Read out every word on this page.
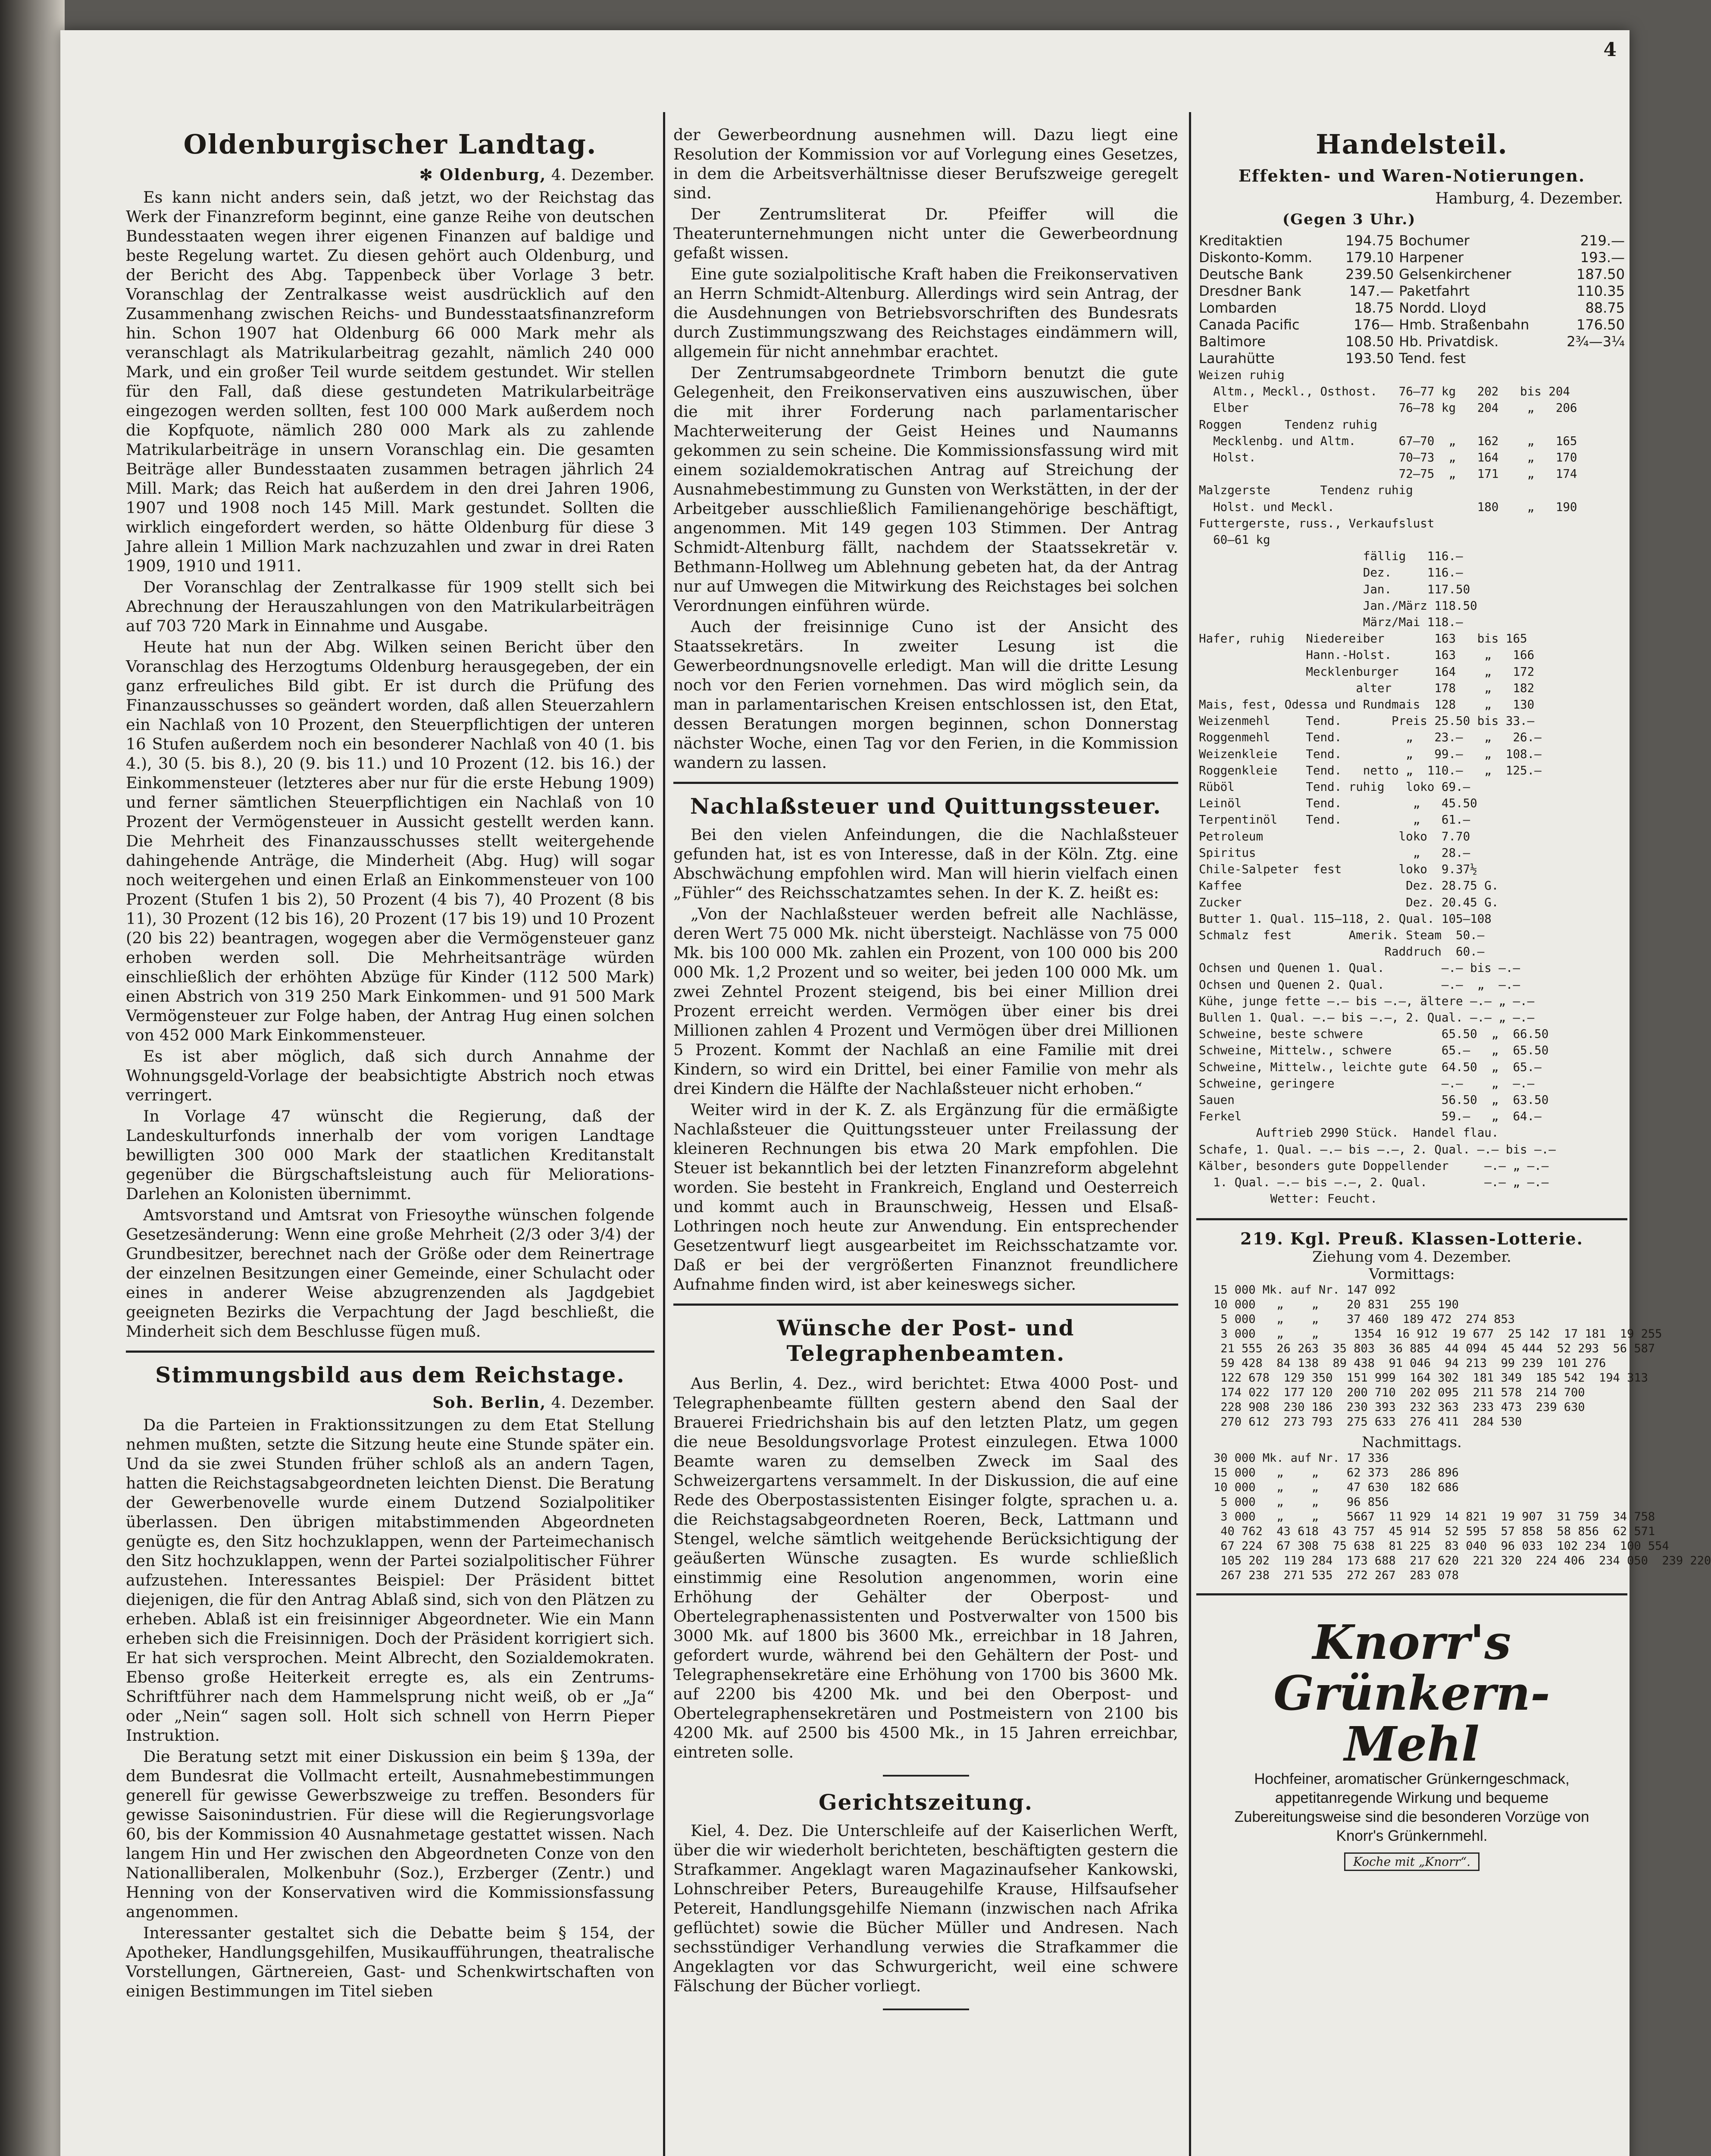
4
Oldenburgischer Landtag.
✻ Oldenburg, 4. Dezember.

Es kann nicht anders sein, daß jetzt, wo der Reichstag das Werk der Finanzreform beginnt, eine ganze Reihe von deutschen Bundesstaaten wegen ihrer eigenen Finanzen auf baldige und beste Regelung wartet. Zu diesen gehört auch Oldenburg, und der Bericht des Abg. Tappenbeck über Vorlage 3 betr. Voranschlag der Zentralkasse weist ausdrücklich auf den Zusammenhang zwischen Reichs- und Bundesstaatsfinanzreform hin. Schon 1907 hat Oldenburg 66 000 Mark mehr als veranschlagt als Matrikularbeitrag gezahlt, nämlich 240 000 Mark, und ein großer Teil wurde seitdem gestundet. Wir stellen für den Fall, daß diese gestundeten Matrikularbeiträge eingezogen werden sollten, fest 100 000 Mark außerdem noch die Kopfquote, nämlich 280 000 Mark als zu zahlende Matrikularbeiträge in unsern Voranschlag ein. Die gesamten Beiträge aller Bundesstaaten zusammen betragen jährlich 24 Mill. Mark; das Reich hat außerdem in den drei Jahren 1906, 1907 und 1908 noch 145 Mill. Mark gestundet. Sollten die wirklich eingefordert werden, so hätte Oldenburg für diese 3 Jahre allein 1 Million Mark nachzuzahlen und zwar in drei Raten 1909, 1910 und 1911.

Der Voranschlag der Zentralkasse für 1909 stellt sich bei Abrechnung der Herauszahlungen von den Matrikularbeiträgen auf 703 720 Mark in Einnahme und Ausgabe.

Heute hat nun der Abg. Wilken seinen Bericht über den Voranschlag des Herzogtums Oldenburg herausgegeben, der ein ganz erfreuliches Bild gibt. Er ist durch die Prüfung des Finanzausschusses so geändert worden, daß allen Steuerzahlern ein Nachlaß von 10 Prozent, den Steuerpflichtigen der unteren 16 Stufen außerdem noch ein besonderer Nachlaß von 40 (1. bis 4.), 30 (5. bis 8.), 20 (9. bis 11.) und 10 Prozent (12. bis 16.) der Einkommensteuer (letzteres aber nur für die erste Hebung 1909) und ferner sämtlichen Steuerpflichtigen ein Nachlaß von 10 Prozent der Vermögensteuer in Aussicht gestellt werden kann. Die Mehrheit des Finanzausschusses stellt weitergehende dahingehende Anträge, die Minderheit (Abg. Hug) will sogar noch weitergehen und einen Erlaß an Einkommensteuer von 100 Prozent (Stufen 1 bis 2), 50 Prozent (4 bis 7), 40 Prozent (8 bis 11), 30 Prozent (12 bis 16), 20 Prozent (17 bis 19) und 10 Prozent (20 bis 22) beantragen, wogegen aber die Vermögensteuer ganz erhoben werden soll. Die Mehrheitsanträge würden einschließlich der erhöhten Abzüge für Kinder (112 500 Mark) einen Abstrich von 319 250 Mark Einkommen- und 91 500 Mark Vermögensteuer zur Folge haben, der Antrag Hug einen solchen von 452 000 Mark Einkommensteuer.

Es ist aber möglich, daß sich durch Annahme der Wohnungsgeld-Vorlage der beabsichtigte Abstrich noch etwas verringert.

In Vorlage 47 wünscht die Regierung, daß der Landeskulturfonds innerhalb der vom vorigen Landtage bewilligten 300 000 Mark der staatlichen Kreditanstalt gegenüber die Bürgschaftsleistung auch für Meliorations-Darlehen an Kolonisten übernimmt.

Amtsvorstand und Amtsrat von Friesoythe wünschen folgende Gesetzesänderung: Wenn eine große Mehrheit (2/3 oder 3/4) der Grundbesitzer, berechnet nach der Größe oder dem Reinertrage der einzelnen Besitzungen einer Gemeinde, einer Schulacht oder eines in anderer Weise abzugrenzenden als Jagdgebiet geeigneten Bezirks die Verpachtung der Jagd beschließt, die Minderheit sich dem Beschlusse fügen muß.

Stimmungsbild aus dem Reichstage.
Soh. Berlin, 4. Dezember.

Da die Parteien in Fraktionssitzungen zu dem Etat Stellung nehmen mußten, setzte die Sitzung heute eine Stunde später ein. Und da sie zwei Stunden früher schloß als an andern Tagen, hatten die Reichstagsabgeordneten leichten Dienst. Die Beratung der Gewerbenovelle wurde einem Dutzend Sozialpolitiker überlassen. Den übrigen mitabstimmenden Abgeordneten genügte es, den Sitz hochzuklappen, wenn der Parteimechanisch den Sitz hochzuklappen, wenn der Partei sozialpolitischer Führer aufzustehen. Interessantes Beispiel: Der Präsident bittet diejenigen, die für den Antrag Ablaß sind, sich von den Plätzen zu erheben. Ablaß ist ein freisinniger Abgeordneter. Wie ein Mann erheben sich die Freisinnigen. Doch der Präsident korrigiert sich. Er hat sich versprochen. Meint Albrecht, den Sozialdemokraten. Ebenso große Heiterkeit erregte es, als ein Zentrums-Schriftführer nach dem Hammelsprung nicht weiß, ob er „Ja“ oder „Nein“ sagen soll. Holt sich schnell von Herrn Pieper Instruktion.

Die Beratung setzt mit einer Diskussion ein beim § 139a, der dem Bundesrat die Vollmacht erteilt, Ausnahmebestimmungen generell für gewisse Gewerbszweige zu treffen. Besonders für gewisse Saisonindustrien. Für diese will die Regierungsvorlage 60, bis der Kommission 40 Ausnahmetage gestattet wissen. Nach langem Hin und Her zwischen den Abgeordneten Conze von den Nationalliberalen, Molkenbuhr (Soz.), Erzberger (Zentr.) und Henning von der Konservativen wird die Kommissionsfassung angenommen.

Interessanter gestaltet sich die Debatte beim § 154, der Apotheker, Handlungsgehilfen, Musikaufführungen, theatralische Vorstellungen, Gärtnereien, Gast- und Schenkwirtschaften von einigen Bestimmungen im Titel sieben

der Gewerbeordnung ausnehmen will. Dazu liegt eine Resolution der Kommission vor auf Vorlegung eines Gesetzes, in dem die Arbeitsverhältnisse dieser Berufszweige geregelt sind.

Der Zentrumsliterat Dr. Pfeiffer will die Theaterunternehmungen nicht unter die Gewerbeordnung gefaßt wissen.

Eine gute sozialpolitische Kraft haben die Freikonservativen an Herrn Schmidt-Altenburg. Allerdings wird sein Antrag, der die Ausdehnungen von Betriebsvorschriften des Bundesrats durch Zustimmungszwang des Reichstages eindämmern will, allgemein für nicht annehmbar erachtet.

Der Zentrumsabgeordnete Trimborn benutzt die gute Gelegenheit, den Freikonservativen eins auszuwischen, über die mit ihrer Forderung nach parlamentarischer Machterweiterung der Geist Heines und Naumanns gekommen zu sein scheine. Die Kommissionsfassung wird mit einem sozialdemokratischen Antrag auf Streichung der Ausnahmebestimmung zu Gunsten von Werkstätten, in der der Arbeitgeber ausschließlich Familienangehörige beschäftigt, angenommen. Mit 149 gegen 103 Stimmen. Der Antrag Schmidt-Altenburg fällt, nachdem der Staatssekretär v. Bethmann-Hollweg um Ablehnung gebeten hat, da der Antrag nur auf Umwegen die Mitwirkung des Reichstages bei solchen Verordnungen einführen würde.

Auch der freisinnige Cuno ist der Ansicht des Staatssekretärs. In zweiter Lesung ist die Gewerbeordnungsnovelle erledigt. Man will die dritte Lesung noch vor den Ferien vornehmen. Das wird möglich sein, da man in parlamentarischen Kreisen entschlossen ist, den Etat, dessen Beratungen morgen beginnen, schon Donnerstag nächster Woche, einen Tag vor den Ferien, in die Kommission wandern zu lassen.

Nachlaßsteuer und Quittungssteuer.

Bei den vielen Anfeindungen, die die Nachlaßsteuer gefunden hat, ist es von Interesse, daß in der Köln. Ztg. eine Abschwächung empfohlen wird. Man will hierin vielfach einen „Fühler“ des Reichsschatzamtes sehen. In der K. Z. heißt es:

„Von der Nachlaßsteuer werden befreit alle Nachlässe, deren Wert 75 000 Mk. nicht übersteigt. Nachlässe von 75 000 Mk. bis 100 000 Mk. zahlen ein Prozent, von 100 000 bis 200 000 Mk. 1,2 Prozent und so weiter, bei jeden 100 000 Mk. um zwei Zehntel Prozent steigend, bis bei einer Million drei Prozent erreicht werden. Vermögen über einer bis drei Millionen zahlen 4 Prozent und Vermögen über drei Millionen 5 Prozent. Kommt der Nachlaß an eine Familie mit drei Kindern, so wird ein Drittel, bei einer Familie von mehr als drei Kindern die Hälfte der Nachlaßsteuer nicht erhoben.“

Weiter wird in der K. Z. als Ergänzung für die ermäßigte Nachlaßsteuer die Quittungssteuer unter Freilassung der kleineren Rechnungen bis etwa 20 Mark empfohlen. Die Steuer ist bekanntlich bei der letzten Finanzreform abgelehnt worden. Sie besteht in Frankreich, England und Oesterreich und kommt auch in Braunschweig, Hessen und Elsaß-Lothringen noch heute zur Anwendung. Ein entsprechender Gesetzentwurf liegt ausgearbeitet im Reichsschatzamte vor. Daß er bei der vergrößerten Finanznot freundlichere Aufnahme finden wird, ist aber keineswegs sicher.

Wünsche der Post- und
Telegraphenbeamten.

Aus Berlin, 4. Dez., wird berichtet: Etwa 4000 Post- und Telegraphenbeamte füllten gestern abend den Saal der Brauerei Friedrichshain bis auf den letzten Platz, um gegen die neue Besoldungsvorlage Protest einzulegen. Etwa 1000 Beamte waren zu demselben Zweck im Saal des Schweizergartens versammelt. In der Diskussion, die auf eine Rede des Oberpostassistenten Eisinger folgte, sprachen u. a. die Reichstagsabgeordneten Roeren, Beck, Lattmann und Stengel, welche sämtlich weitgehende Berücksichtigung der geäußerten Wünsche zusagten. Es wurde schließlich einstimmig eine Resolution angenommen, worin eine Erhöhung der Gehälter der Oberpost- und Obertelegraphenassistenten und Postverwalter von 1500 bis 3000 Mk. auf 1800 bis 3600 Mk., erreichbar in 18 Jahren, gefordert wurde, während bei den Gehältern der Post- und Telegraphensekretäre eine Erhöhung von 1700 bis 3600 Mk. auf 2200 bis 4200 Mk. und bei den Oberpost- und Obertelegraphensekretären und Postmeistern von 2100 bis 4200 Mk. auf 2500 bis 4500 Mk., in 15 Jahren erreichbar, eintreten solle.

Gerichtszeitung.

Kiel, 4. Dez. Die Unterschleife auf der Kaiserlichen Werft, über die wir wiederholt berichteten, beschäftigten gestern die Strafkammer. Angeklagt waren Magazinaufseher Kankowski, Lohnschreiber Peters, Bureaugehilfe Krause, Hilfsaufseher Petereit, Handlungsgehilfe Niemann (inzwischen nach Afrika geflüchtet) sowie die Bücher Müller und Andresen. Nach sechsstündiger Verhandlung verwies die Strafkammer die Angeklagten vor das Schwurgericht, weil eine schwere Fälschung der Bücher vorliegt.

Handelsteil.
Effekten- und Waren-Notierungen.
Hamburg, 4. Dezember.
(Gegen 3 Uhr.)
Kreditaktien	194.75	Bochumer	219.—
Diskonto-Komm.	179.10	Harpener	193.—
Deutsche Bank	239.50	Gelsenkirchener	187.50
Dresdner Bank	147.—	Paketfahrt	110.35
Lombarden	18.75	Nordd. Lloyd	88.75
Canada Pacific	176—	Hmb. Straßenbahn	176.50
Baltimore	108.50	Hb. Privatdisk.	2¾—3¼
Laurahütte	193.50	Tend. fest	
Weizen ruhig
Altm., Meckl., Osthost.   76—77 kg   202   bis 204
Elber                     76—78 kg   204    „   206
Roggen      Tendenz ruhig
Mecklenbg. und Altm.      67—70  „   162    „   165
Holst.                    70—73  „   164    „   170
72—75  „   171    „   174
Malzgerste       Tendenz ruhig
Holst. und Meckl.                    180    „   190
Futtergerste, russ., Verkaufslust
60—61 kg
fällig   116.—
Dez.     116.—
Jan.     117.50
Jan./März 118.50
März/Mai 118.—
Hafer, ruhig   Niedereiber       163   bis 165
Hann.-Holst.      163    „   166
Mecklenburger     164    „   172
alter      178    „   182
Mais, fest, Odessa und Rundmais  128    „   130
Weizenmehl     Tend.       Preis 25.50 bis 33.—
Roggenmehl     Tend.         „   23.—   „   26.—
Weizenkleie    Tend.         „   99.—   „  108.—
Roggenkleie    Tend.   netto „  110.—   „  125.—
Rüböl          Tend. ruhig   loko 69.—
Leinöl         Tend.          „   45.50
Terpentinöl    Tend.          „   61.—
Petroleum                   loko  7.70
Spiritus                      „   28.—
Chile-Salpeter  fest        loko  9.37½
Kaffee                       Dez. 28.75 G.
Zucker                       Dez. 20.45 G.
Butter 1. Qual. 115—118, 2. Qual. 105—108
Schmalz  fest        Amerik. Steam  50.—
Raddruch  60.—
Ochsen und Quenen 1. Qual.        —.— bis —.—
Ochsen und Quenen 2. Qual.        —.—  „  —.—
Kühe, junge fette —.— bis —.—, ältere —.— „ —.—
Bullen 1. Qual. —.— bis —.—, 2. Qual. —.— „ —.—
Schweine, beste schwere           65.50  „  66.50
Schweine, Mittelw., schwere       65.—   „  65.50
Schweine, Mittelw., leichte gute  64.50  „  65.—
Schweine, geringere               —.—    „  —.—
Sauen                             56.50  „  63.50
Ferkel                            59.—   „  64.—
Auftrieb 2990 Stück.  Handel flau.
Schafe, 1. Qual. —.— bis —.—, 2. Qual. —.— bis —.—
Kälber, besonders gute Doppellender     —.— „ —.—
1. Qual. —.— bis —.—, 2. Qual.        —.— „ —.—
Wetter: Feucht.
219. Kgl. Preuß. Klassen-Lotterie.
Ziehung vom 4. Dezember.
Vormittags:
15 000 Mk. auf Nr. 147 092
10 000   „    „    20 831   255 190
5 000   „    „    37 460  189 472  274 853
3 000   „    „     1354  16 912  19 677  25 142  17 181  19 255
21 555  26 263  35 803  36 885  44 094  45 444  52 293  56 587
59 428  84 138  89 438  91 046  94 213  99 239  101 276
122 678  129 350  151 999  164 302  181 349  185 542  194 313
174 022  177 120  200 710  202 095  211 578  214 700
228 908  230 186  230 393  232 363  233 473  239 630
270 612  273 793  275 633  276 411  284 530
Nachmittags.
30 000 Mk. auf Nr. 17 336
15 000   „    „    62 373   286 896
10 000   „    „    47 630   182 686
5 000   „    „    96 856
3 000   „    „    5667  11 929  14 821  19 907  31 759  34 758
40 762  43 618  43 757  45 914  52 595  57 858  58 856  62 571
67 224  67 308  75 638  81 225  83 040  96 033  102 234  100 554
105 202  119 284  173 688  217 620  221 320  224 406  234 050  239 220
267 238  271 535  272 267  283 078
Knorr's
Grünkern-
Mehl
Hochfeiner, aromatischer Grünkerngeschmack, appetitanregende Wirkung und bequeme Zubereitungsweise sind die besonderen Vorzüge von Knorr's Grünkernmehl.
Koche mit „Knorr“.
